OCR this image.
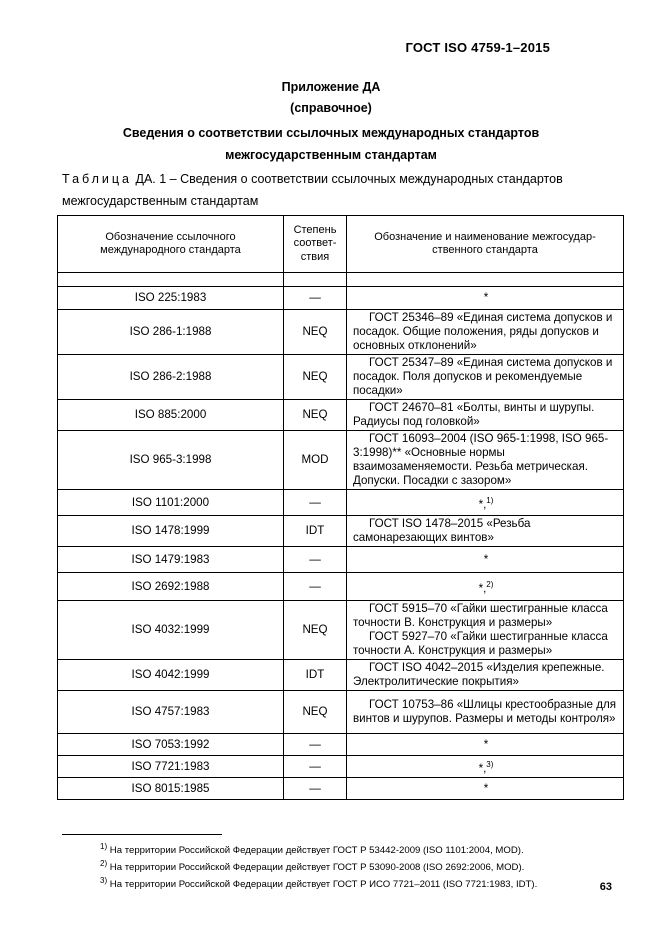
ГОСТ ISO 4759-1–2015
Приложение ДА
(справочное)
Сведения о соответствии ссылочных международных стандартов
межгосударственным стандартам
Таблица ДА. 1 – Сведения о соответствии ссылочных международных стандартов
межгосударственным стандартам
Обозначение ссылочного международного стандарта	Степень соответ-ствия	Обозначение и наименование межгосудар-ственного стандарта

ISO 225:1983	—	*
ISO 286-1:1988	NEQ	ГОСТ 25346–89 «Единая система допусков и посадок. Общие положения, ряды допусков и основных отклонений»
ISO 286-2:1988	NEQ	ГОСТ 25347–89 «Единая система допусков и посадок. Поля допусков и рекомендуемые посадки»
ISO 885:2000	NEQ	ГОСТ 24670–81 «Болты, винты и шурупы. Радиусы под головкой»
ISO 965-3:1998	MOD	ГОСТ 16093–2004 (ISO 965-1:1998, ISO 965-3:1998)** «Основные нормы взаимозаменяемости. Резьба метрическая. Допуски. Посадки с зазором»
ISO 1101:2000	—	*,$^{1)}$
ISO 1478:1999	IDT	ГОСТ ISO 1478–2015 «Резьба самонарезающих винтов»
ISO 1479:1983	—	*
ISO 2692:1988	—	*,$^{2)}$
ISO 4032:1999	NEQ	ГОСТ 5915–70 «Гайки шестигранные класса точности В. Конструкция и размеры»
ГОСТ 5927–70 «Гайки шестигранные класса точности А. Конструкция и размеры»
ISO 4042:1999	IDT	ГОСТ ISO 4042–2015 «Изделия крепежные. Электролитические покрытия»
ISO 4757:1983	NEQ	ГОСТ 10753–86 «Шлицы крестообразные для винтов и шурупов. Размеры и методы контроля»
ISO 7053:1992	—	*
ISO 7721:1983	—	*,$^{3)}$
ISO 8015:1985	—	*
$^{1)}$ На территории Российской Федерации действует ГОСТ Р 53442-2009 (ISO 1101:2004, MOD).
$^{2)}$ На территории Российской Федерации действует ГОСТ Р 53090-2008 (ISO 2692:2006, MOD).
$^{3)}$ На территории Российской Федерации действует ГОСТ Р ИСО 7721–2011 (ISO 7721:1983, IDT).	63
